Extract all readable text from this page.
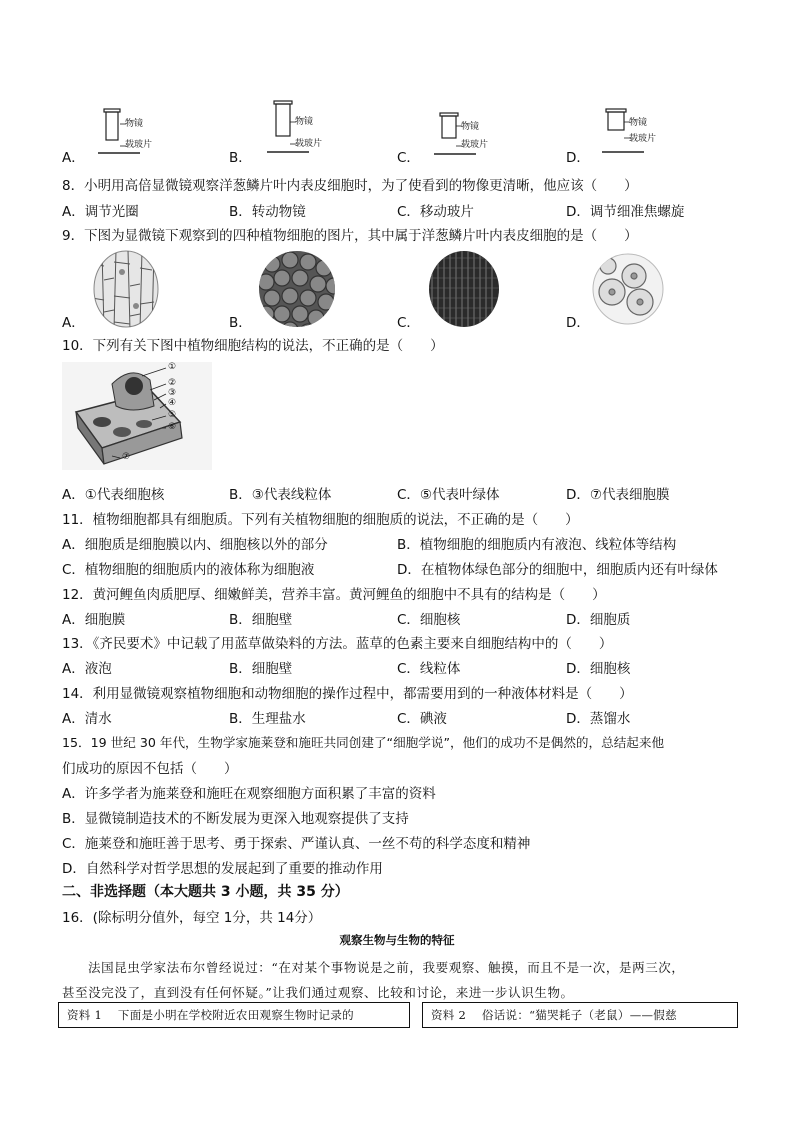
A．	B．	C．	D．
物镜
载玻片
物镜
载玻片
物镜
载玻片
物镜
载玻片
8．小明用高倍显微镜观察洋葱鳞片叶内表皮细胞时，为了使看到的物像更清晰，他应该（　　）
A．调节光圈	B．转动物镜	C．移动玻片	D．调节细准焦螺旋
9．下图为显微镜下观察到的四种植物细胞的图片，其中属于洋葱鳞片叶内表皮细胞的是（　　）
A．	B．	C．	D．
10．下列有关下图中植物细胞结构的说法，不正确的是（　　）
①
②
③
④
⑤
⑥
⑦
A．①代表细胞核	B．③代表线粒体	C．⑤代表叶绿体	D．⑦代表细胞膜
11．植物细胞都具有细胞质。下列有关植物细胞的细胞质的说法，不正确的是（　　）
A．细胞质是细胞膜以内、细胞核以外的部分	B．植物细胞的细胞质内有液泡、线粒体等结构
C．植物细胞的细胞质内的液体称为细胞液	D．在植物体绿色部分的细胞中，细胞质内还有叶绿体
12．黄河鲤鱼肉质肥厚、细嫩鲜美，营养丰富。黄河鲤鱼的细胞中不具有的结构是（　　）
A．细胞膜	B．细胞壁	C．细胞核	D．细胞质
13．《齐民要术》中记载了用蓝草做染料的方法。蓝草的色素主要来自细胞结构中的（　　）
A．液泡	B．细胞壁	C．线粒体	D．细胞核
14．利用显微镜观察植物细胞和动物细胞的操作过程中，都需要用到的一种液体材料是（　　）
A．清水	B．生理盐水	C．碘液	D．蒸馏水
15．19 世纪 30 年代，生物学家施莱登和施旺共同创建了“细胞学说”，他们的成功不是偶然的，总结起来他
们成功的原因不包括（　　）
A．许多学者为施莱登和施旺在观察细胞方面积累了丰富的资料
B．显微镜制造技术的不断发展为更深入地观察提供了支持
C．施莱登和施旺善于思考、勇于探索、严谨认真、一丝不苟的科学态度和精神
D．自然科学对哲学思想的发展起到了重要的推动作用
二、非选择题（本大题共 3 小题，共 35 分）
16．(除标明分值外，每空 1分，共 14分）
观察生物与生物的特征
法国昆虫学家法布尔曾经说过：“在对某个事物说是之前，我要观察、触摸，而且不是一次，是两三次，
甚至没完没了，直到没有任何怀疑。”让我们通过观察、比较和讨论，来进一步认识生物。
资料 1　 下面是小明在学校附近农田观察生物时记录的	资料 2　 俗话说：“猫哭耗子（老鼠）——假慈
